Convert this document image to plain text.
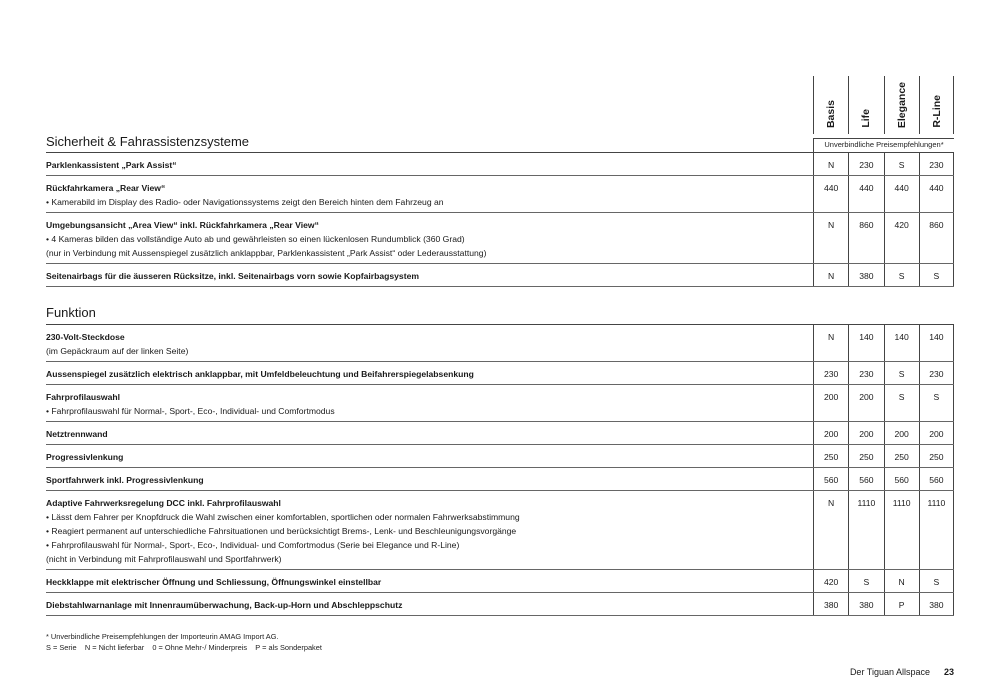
Basis Life Elegance R-Line
Sicherheit & Fahrassistenzsysteme	Unverbindliche Preisempfehlungen*
Parklenkassistent „Park Assist“	N	230	S	230
Rückfahrkamera „Rear View“
• Kamerabild im Display des Radio- oder Navigationssystems zeigt den Bereich hinten dem Fahrzeug an
440	440	440	440
Umgebungsansicht „Area View“ inkl. Rückfahrkamera „Rear View“
• 4 Kameras bilden das vollständige Auto ab und gewährleisten so einen lückenlosen Rundumblick (360 Grad)
(nur in Verbindung mit Aussenspiegel zusätzlich anklappbar, Parklenkassistent „Park Assist“ oder Lederausstattung)
N	860	420	860
Seitenairbags für die äusseren Rücksitze, inkl. Seitenairbags vorn sowie Kopfairbagsystem	N	380	S	S
Funktion
230-Volt-Steckdose
(im Gepäckraum auf der linken Seite)
N	140	140	140
Aussenspiegel zusätzlich elektrisch anklappbar, mit Umfeldbeleuchtung und Beifahrerspiegelabsenkung	230	230	S	230
Fahrprofilauswahl
• Fahrprofilauswahl für Normal-, Sport-, Eco-, Individual- und Comfortmodus
200	200	S	S
Netztrennwand	200	200	200	200
Progressivlenkung	250	250	250	250
Sportfahrwerk inkl. Progressivlenkung	560	560	560	560
Adaptive Fahrwerksregelung DCC inkl. Fahrprofilauswahl
• Lässt dem Fahrer per Knopfdruck die Wahl zwischen einer komfortablen, sportlichen oder normalen Fahrwerksabstimmung
• Reagiert permanent auf unterschiedliche Fahrsituationen und berücksichtigt Brems-, Lenk- und Beschleunigungsvorgänge
• Fahrprofilauswahl für Normal-, Sport-, Eco-, Individual- und Comfortmodus (Serie bei Elegance und R-Line)
(nicht in Verbindung mit Fahrprofilauswahl und Sportfahrwerk)
N	1110	1110	1110
Heckklappe mit elektrischer Öffnung und Schliessung, Öffnungswinkel einstellbar	420	S	N	S
Diebstahlwarnanlage mit Innenraumüberwachung, Back-up-Horn und Abschleppschutz	380	380	P	380
* Unverbindliche Preisempfehlungen der Importeurin AMAG Import AG.
S = Serie    N = Nicht lieferbar    0 = Ohne Mehr-/ Minderpreis    P = als Sonderpaket
Der Tiguan Allspace 23
